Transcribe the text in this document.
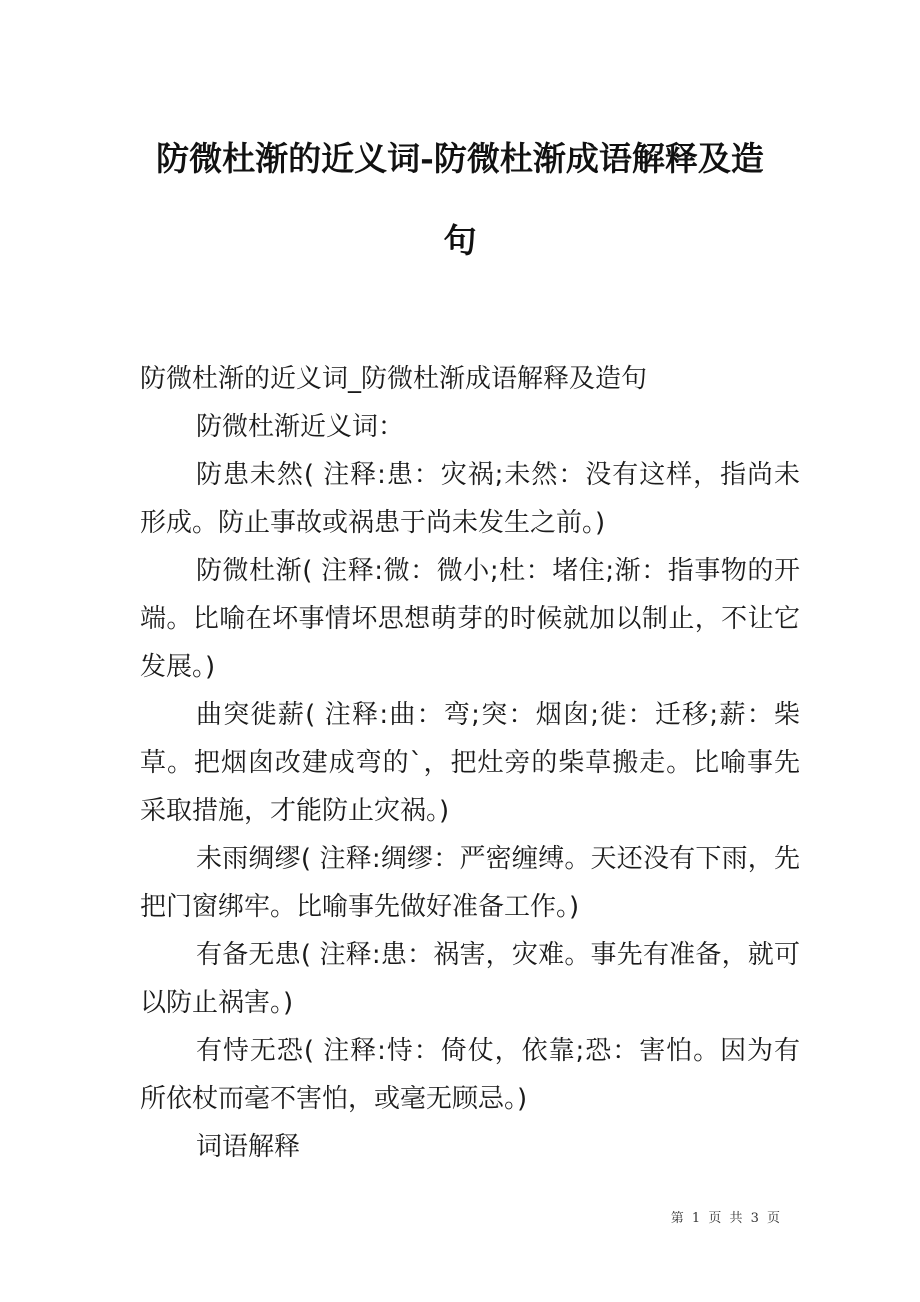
防微杜渐的近义词-防微杜渐成语解释及造句

防微杜渐的近义词_防微杜渐成语解释及造句

防微杜渐近义词：

防患未然( 注释:患：灾祸;未然：没有这样，指尚未形成。防止事故或祸患于尚未发生之前。)

防微杜渐( 注释:微：微小;杜：堵住;渐：指事物的开端。比喻在坏事情坏思想萌芽的时候就加以制止，不让它发展。)

曲突徙薪( 注释:曲：弯;突：烟囱;徙：迁移;薪：柴草。把烟囱改建成弯的`，把灶旁的柴草搬走。比喻事先采取措施，才能防止灾祸。)

未雨绸缪( 注释:绸缪：严密缠缚。天还没有下雨，先把门窗绑牢。比喻事先做好准备工作。)

有备无患( 注释:患：祸害，灾难。事先有准备，就可以防止祸害。)

有恃无恐( 注释:恃：倚仗，依靠;恐：害怕。因为有所依杖而毫不害怕，或毫无顾忌。)

词语解释

第 1 页 共 3 页
